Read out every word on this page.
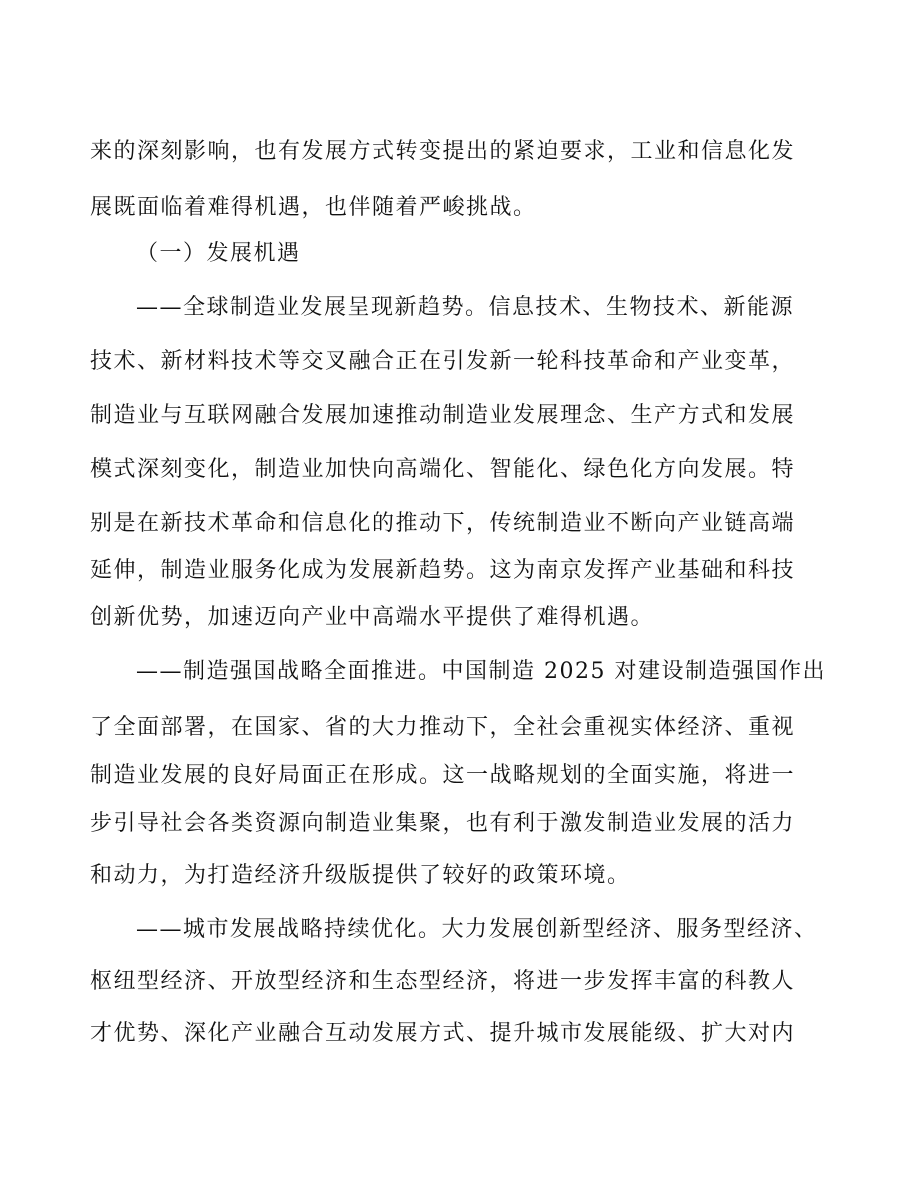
来的深刻影响，也有发展方式转变提出的紧迫要求，工业和信息化发
展既面临着难得机遇，也伴随着严峻挑战。
（一）发展机遇
——全球制造业发展呈现新趋势。信息技术、生物技术、新能源
技术、新材料技术等交叉融合正在引发新一轮科技革命和产业变革，
制造业与互联网融合发展加速推动制造业发展理念、生产方式和发展
模式深刻变化，制造业加快向高端化、智能化、绿色化方向发展。特
别是在新技术革命和信息化的推动下，传统制造业不断向产业链高端
延伸，制造业服务化成为发展新趋势。这为南京发挥产业基础和科技
创新优势，加速迈向产业中高端水平提供了难得机遇。
——制造强国战略全面推进。中国制造 2025 对建设制造强国作出
了全面部署，在国家、省的大力推动下，全社会重视实体经济、重视
制造业发展的良好局面正在形成。这一战略规划的全面实施，将进一
步引导社会各类资源向制造业集聚，也有利于激发制造业发展的活力
和动力，为打造经济升级版提供了较好的政策环境。
——城市发展战略持续优化。大力发展创新型经济、服务型经济、
枢纽型经济、开放型经济和生态型经济，将进一步发挥丰富的科教人
才优势、深化产业融合互动发展方式、提升城市发展能级、扩大对内
